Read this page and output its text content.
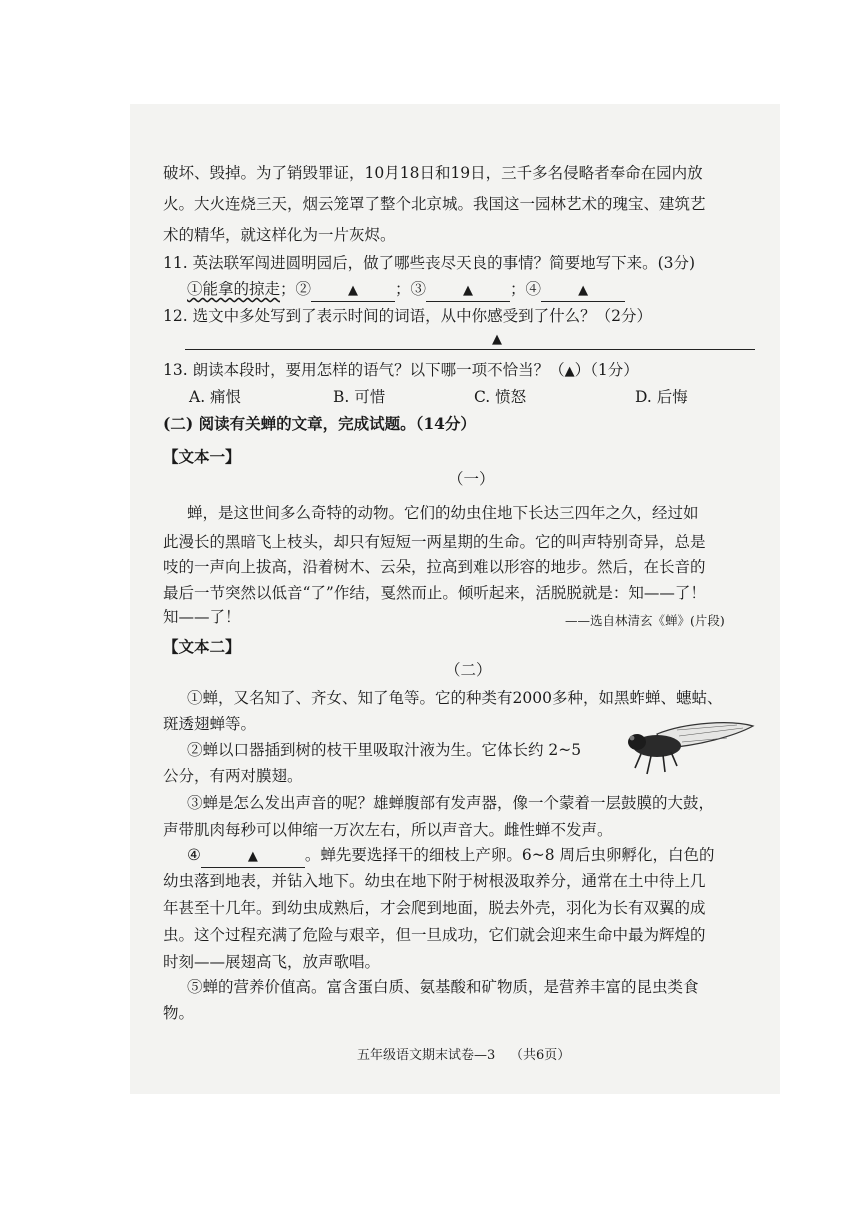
破坏、毁掉。为了销毁罪证，10月18日和19日，三千多名侵略者奉命在园内放
火。大火连烧三天，烟云笼罩了整个北京城。我国这一园林艺术的瑰宝、建筑艺
术的精华，就这样化为一片灰烬。
11. 英法联军闯进圆明园后，做了哪些丧尽天良的事情？简要地写下来。(3分)
①能拿的掠走；②	▲ ；③	▲ ；④	▲
12. 选文中多处写到了表示时间的词语，从中你感受到了什么？（2分）
▲
13. 朗读本段时，要用怎样的语气？以下哪一项不恰当？（▲）（1分）
A. 痛恨	B. 可惜	C. 愤怒	D. 后悔
(二) 阅读有关蝉的文章，完成试题。（14分）
【文本一】
（一）
蝉，是这世间多么奇特的动物。它们的幼虫住地下长达三四年之久，经过如
此漫长的黑暗飞上枝头，却只有短短一两星期的生命。它的叫声特别奇异，总是
吱的一声向上拔高，沿着树木、云朵，拉高到难以形容的地步。然后，在长音的
最后一节突然以低音“了”作结，戛然而止。倾听起来，活脱脱就是：知——了！
知——了！	——选自林清玄《蝉》(片段)
【文本二】
（二）
①蝉，又名知了、齐女、知了龟等。它的种类有2000多种，如黑蚱蝉、蟪蛄、
斑透翅蝉等。
②蝉以口器插到树的枝干里吸取汁液为生。它体长约 2~5
公分，有两对膜翅。
③蝉是怎么发出声音的呢？雄蝉腹部有发声器，像一个蒙着一层鼓膜的大鼓，
声带肌肉每秒可以伸缩一万次左右，所以声音大。雌性蝉不发声。
④	▲	。蝉先要选择干的细枝上产卵。6~8 周后虫卵孵化，白色的
幼虫落到地表，并钻入地下。幼虫在地下附于树根汲取养分，通常在土中待上几
年甚至十几年。到幼虫成熟后，才会爬到地面，脱去外壳，羽化为长有双翼的成
虫。这个过程充满了危险与艰辛，但一旦成功，它们就会迎来生命中最为辉煌的
时刻——展翅高飞，放声歌唱。
⑤蝉的营养价值高。富含蛋白质、氨基酸和矿物质，是营养丰富的昆虫类食
物。
五年级语文期末试卷—3 （共6页）
